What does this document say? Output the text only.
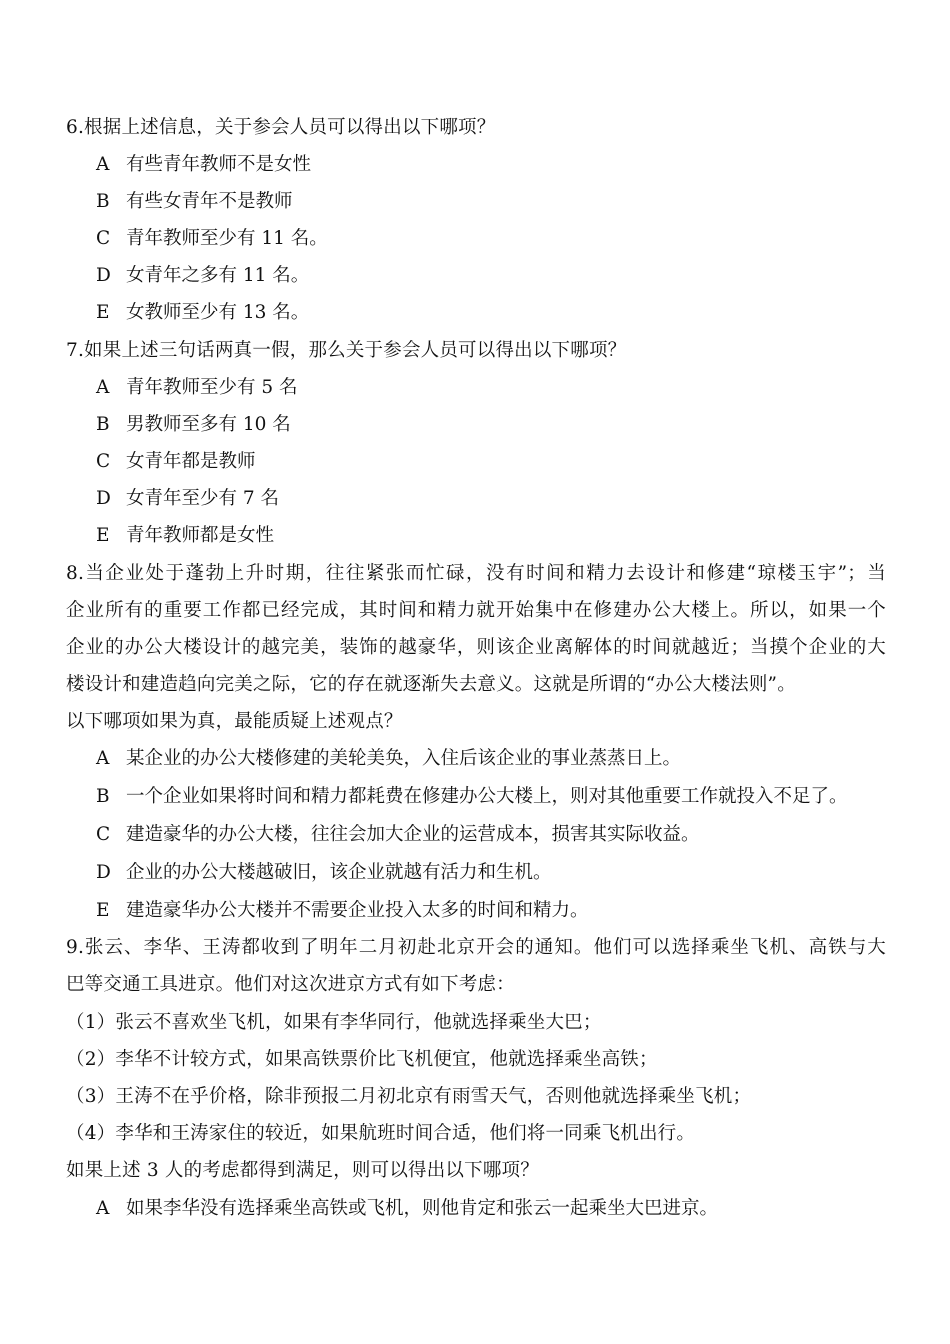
6.根据上述信息，关于参会人员可以得出以下哪项？
A 有些青年教师不是女性
B 有些女青年不是教师
C 青年教师至少有 11 名。
D 女青年之多有 11 名。
E 女教师至少有 13 名。
7.如果上述三句话两真一假，那么关于参会人员可以得出以下哪项？
A 青年教师至少有 5 名
B 男教师至多有 10 名
C 女青年都是教师
D 女青年至少有 7 名
E 青年教师都是女性
8.当企业处于蓬勃上升时期，往往紧张而忙碌，没有时间和精力去设计和修建“琼楼玉宇”；当
企业所有的重要工作都已经完成，其时间和精力就开始集中在修建办公大楼上。所以，如果一个
企业的办公大楼设计的越完美，装饰的越豪华，则该企业离解体的时间就越近；当摸个企业的大
楼设计和建造趋向完美之际，它的存在就逐渐失去意义。这就是所谓的“办公大楼法则”。
以下哪项如果为真，最能质疑上述观点？
A 某企业的办公大楼修建的美轮美奂，入住后该企业的事业蒸蒸日上。
B 一个企业如果将时间和精力都耗费在修建办公大楼上，则对其他重要工作就投入不足了。
C 建造豪华的办公大楼，往往会加大企业的运营成本，损害其实际收益。
D 企业的办公大楼越破旧，该企业就越有活力和生机。
E 建造豪华办公大楼并不需要企业投入太多的时间和精力。
9.张云、李华、王涛都收到了明年二月初赴北京开会的通知。他们可以选择乘坐飞机、高铁与大
巴等交通工具进京。他们对这次进京方式有如下考虑：
（1）张云不喜欢坐飞机，如果有李华同行，他就选择乘坐大巴；
（2）李华不计较方式，如果高铁票价比飞机便宜，他就选择乘坐高铁；
（3）王涛不在乎价格，除非预报二月初北京有雨雪天气，否则他就选择乘坐飞机；
（4）李华和王涛家住的较近，如果航班时间合适，他们将一同乘飞机出行。
如果上述 3 人的考虑都得到满足，则可以得出以下哪项？
A 如果李华没有选择乘坐高铁或飞机，则他肯定和张云一起乘坐大巴进京。
